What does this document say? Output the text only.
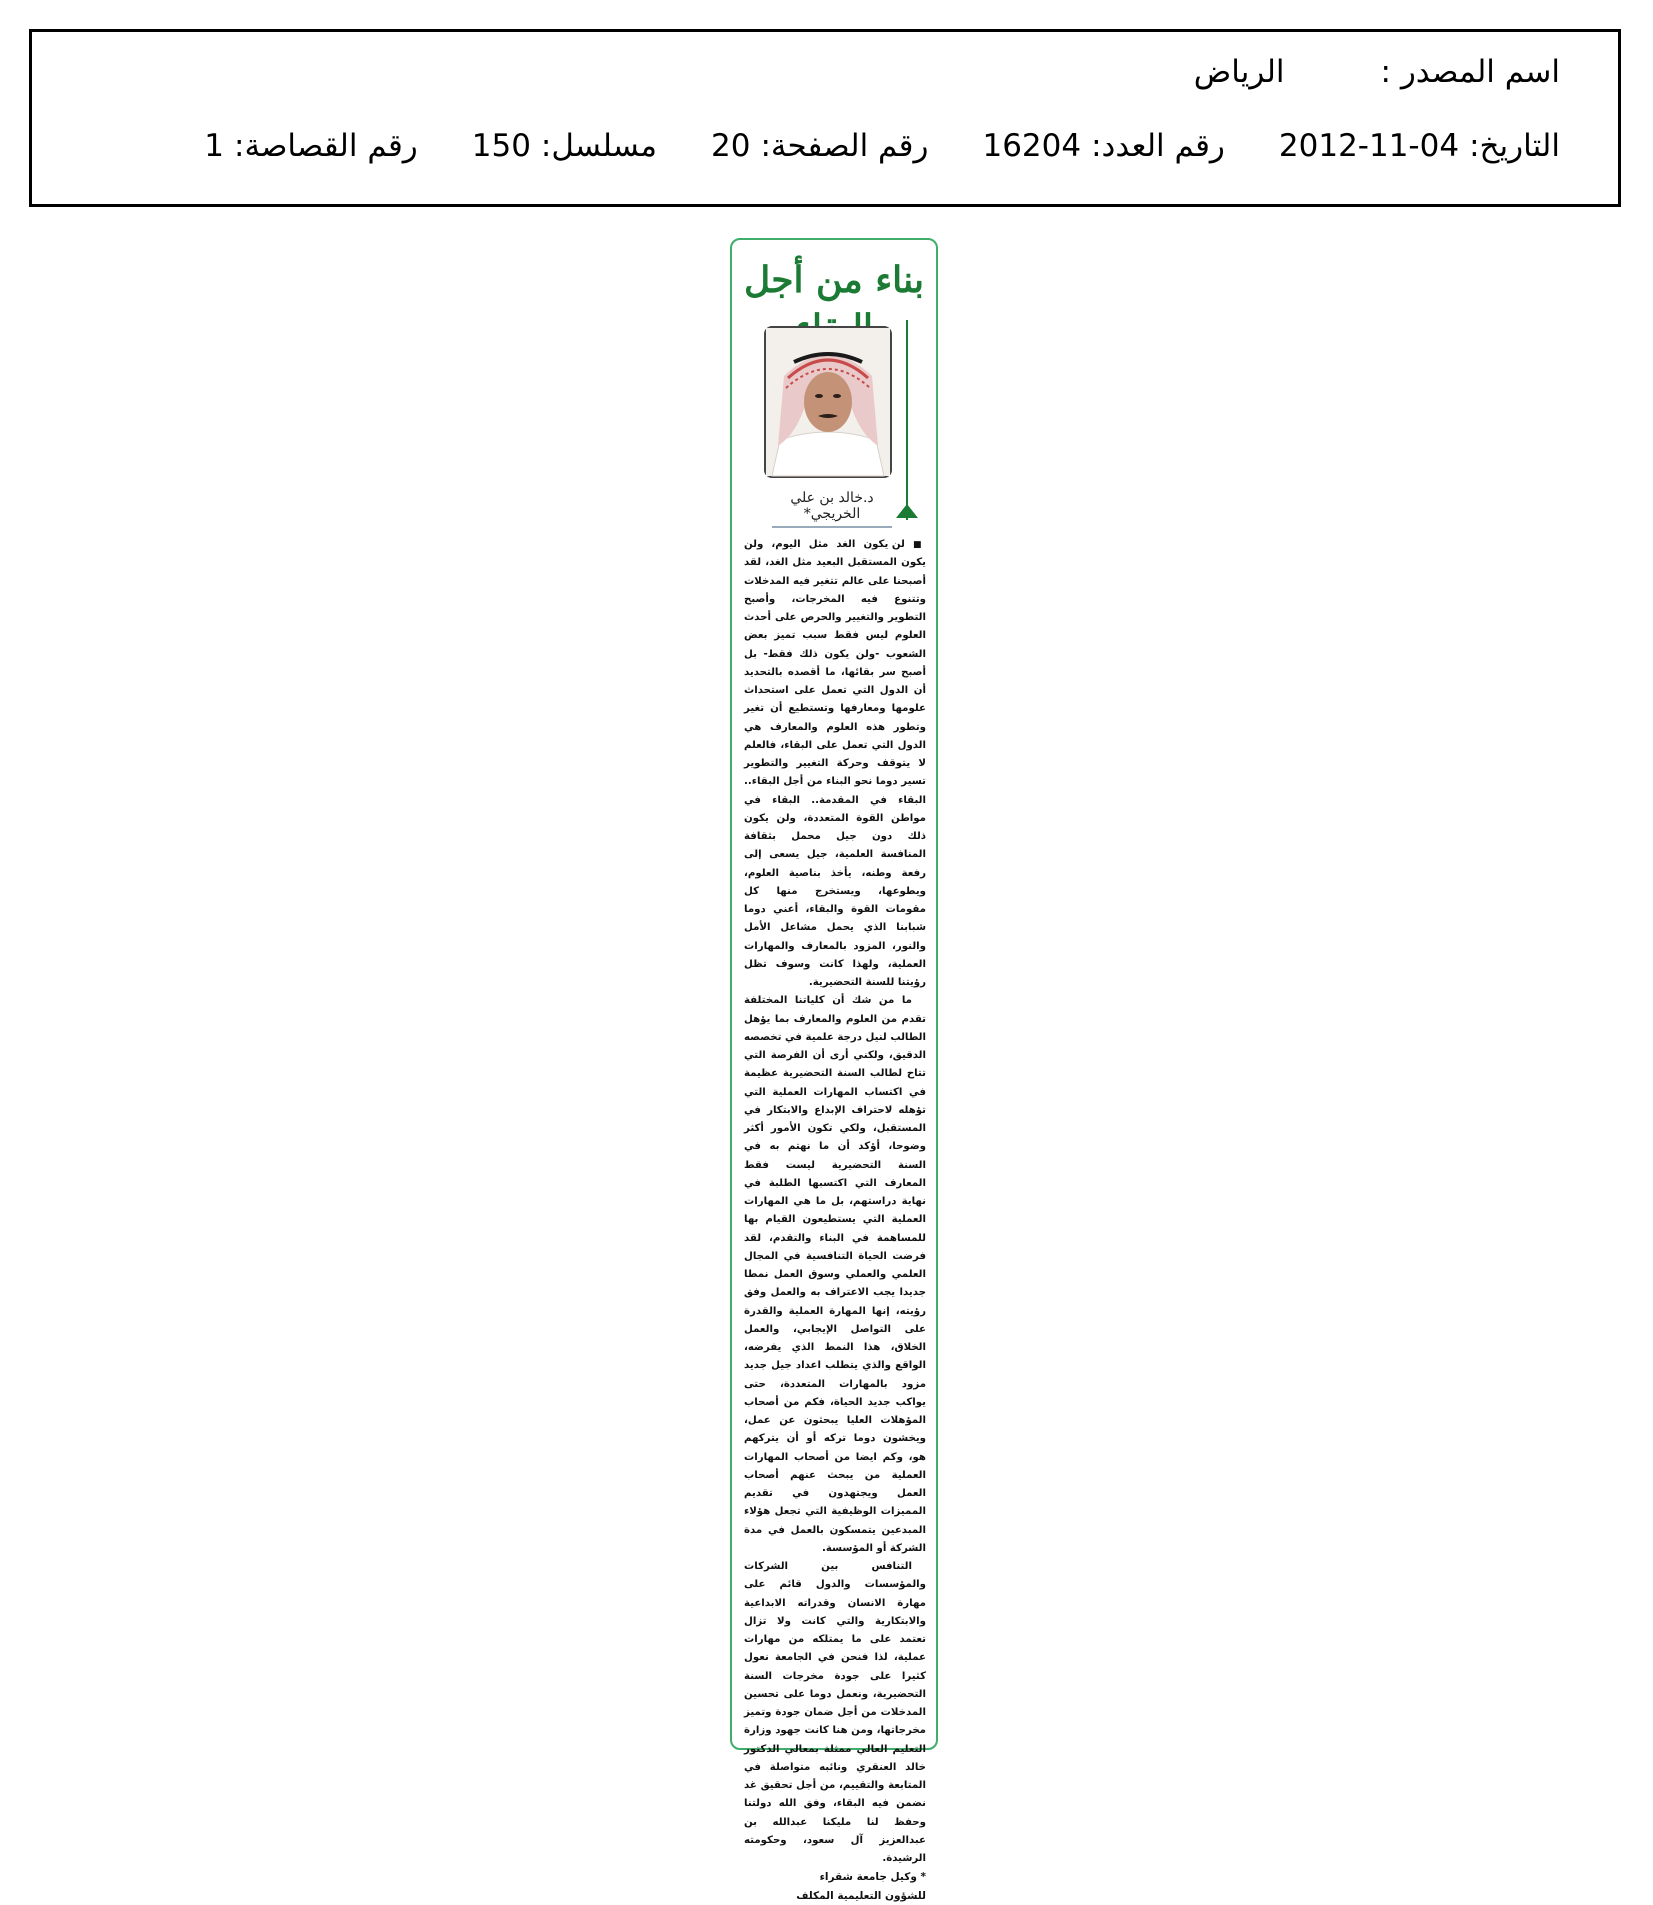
اسم المصدر :
الرياض
التاريخ:
2012-11-04
رقم العدد:
16204
رقم الصفحة:
20
مسلسل:
150
رقم القصاصة:
1
بناء من أجل
د.خالد بن علي الخريجي*

■ لن يكون الغد مثل اليوم، ولن يكون المستقبل البعيد مثل الغد، لقد أصبحنا على عالم تتغير فيه المدخلات وتتنوع فيه المخرجات، وأصبح التطوير والتغيير والحرص على أحدث العلوم ليس فقط سبب تميز بعض الشعوب -ولن يكون ذلك فقط- بل أصبح سر بقائها، ما أقصده بالتحديد أن الدول التي تعمل على استحداث علومها ومعارفها وتستطيع أن تغير وتطور هذه العلوم والمعارف هي الدول التي تعمل على البقاء، فالعلم لا يتوقف وحركة التغيير والتطوير تسير دوما نحو البناء من أجل البقاء.. البقاء في المقدمة.. البقاء في مواطن القوة المتعددة، ولن يكون ذلك دون جيل محمل بثقافة المنافسة العلمية، جيل يسعى إلى رفعة وطنه، يأخذ بناصية العلوم، ويطوعها، ويستخرج منها كل مقومات القوة والبقاء، أعني دوما شبابنا الذي يحمل مشاعل الأمل والنور، المزود بالمعارف والمهارات العملية، ولهذا كانت وسوف تظل رؤيتنا للسنة التحضيرية.

ما من شك أن كلياتنا المختلفة تقدم من العلوم والمعارف بما يؤهل الطالب لنيل درجة علمية في تخصصه الدقيق، ولكني أرى أن الفرصة التي تتاح لطالب السنة التحضيرية عظيمة في اكتساب المهارات العملية التي تؤهله لاحتراف الإبداع والابتكار في المستقبل، ولكي تكون الأمور أكثر وضوحا، أؤكد أن ما نهتم به في السنة التحضيرية ليست فقط المعارف التي اكتسبها الطلبة في نهاية دراستهم، بل ما هي المهارات العملية التي يستطيعون القيام بها للمساهمة في البناء والتقدم، لقد فرضت الحياة التنافسية في المجال العلمي والعملي وسوق العمل نمطا جديدا يجب الاعتراف به والعمل وفق رؤيته، إنها المهارة العملية والقدرة على التواصل الإيجابي، والعمل الخلاق، هذا النمط الذي يفرضه، الواقع والذي يتطلب اعداد جيل جديد مزود بالمهارات المتعددة، حتى يواكب جديد الحياة، فكم من أصحاب المؤهلات العليا يبحثون عن عمل، ويخشون دوما تركه أو أن يتركهم هو، وكم ايضا من أصحاب المهارات العملية من يبحث عنهم أصحاب العمل ويجتهدون في تقديم المميزات الوظيفية التي تجعل هؤلاء المبدعين يتمسكون بالعمل في مدة الشركة أو المؤسسة.

التنافس بين الشركات والمؤسسات والدول قائم على مهارة الانسان وقدراته الابداعية والابتكارية والتي كانت ولا تزال تعتمد على ما يمتلكه من مهارات عملية، لذا فنحن في الجامعة نعول كثيرا على جودة مخرجات السنة التحضيرية، ونعمل دوما على تحسين المدخلات من أجل ضمان جودة وتميز مخرجاتها، ومن هنا كانت جهود وزارة التعليم العالي ممثلة بمعالي الدكتور خالد العنقري ونائبه متواصلة في المتابعة والتقييم، من أجل تحقيق غد نضمن فيه البقاء، وفق الله دولتنا وحفظ لنا مليكنا عبدالله بن عبدالعزيز آل سعود، وحكومته الرشيدة.

* وكيل جامعة شقراء
للشؤون التعليمية المكلف
